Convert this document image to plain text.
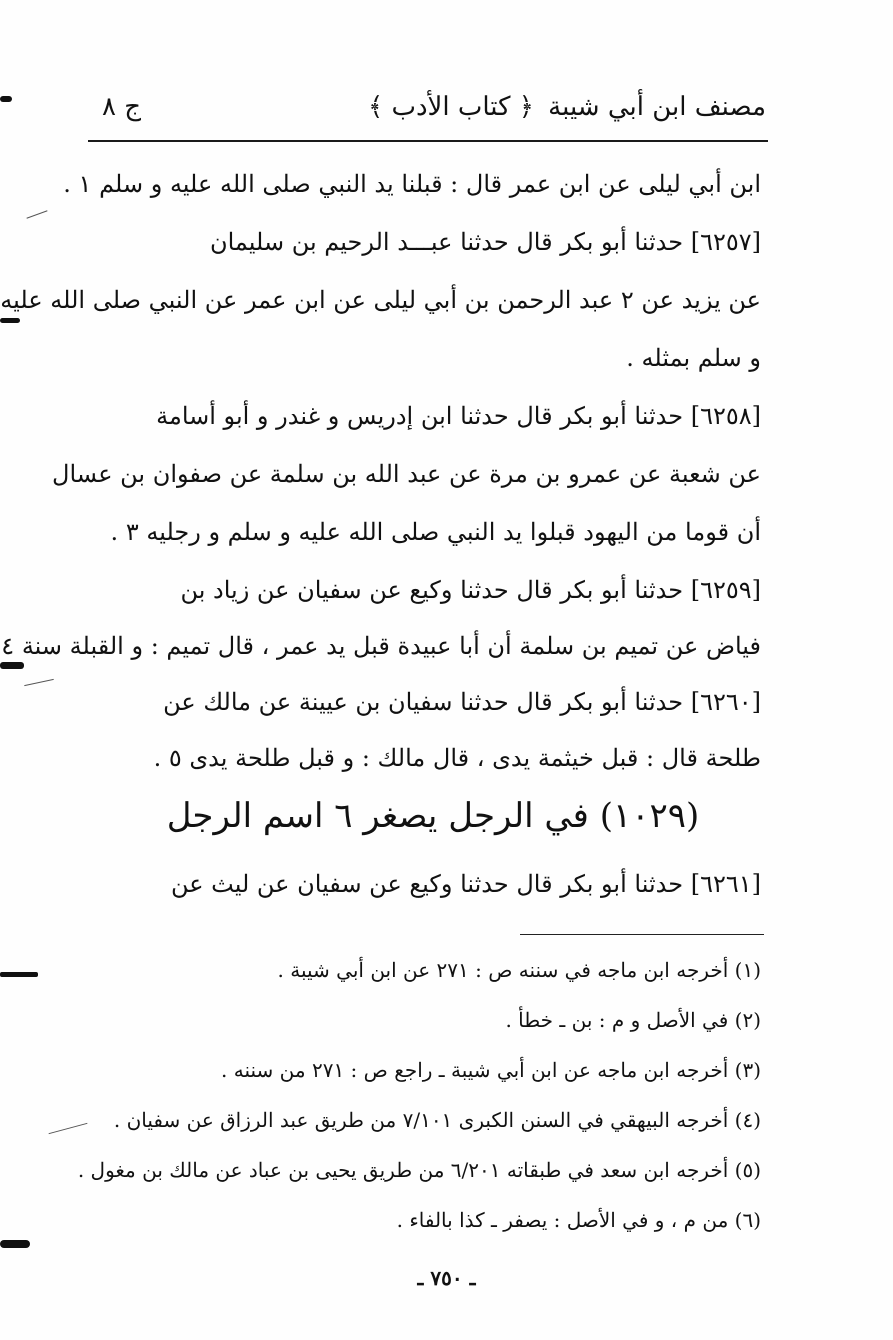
مصنف ابن أبي شيبة
﴿ كتاب الأدب ﴾
ج ٨
ابن أبي ليلى عن ابن عمر قال : قبلنا يد النبي صلى الله عليه و سلم ١ .
[٦٢٥٧] حدثنا أبو بكر قال حدثنا عبـــد الرحيم بن سليمان
عن يزيد عن ٢ عبد الرحمن بن أبي ليلى عن ابن عمر عن النبي صلى الله عليه
و سلم بمثله .
[٦٢٥٨] حدثنا أبو بكر قال حدثنا ابن إدريس و غندر و أبو أسامة
عن شعبة عن عمرو بن مرة عن عبد الله بن سلمة عن صفوان بن عسال
أن قوما من اليهود قبلوا يد النبي صلى الله عليه و سلم و رجليه ٣ .
[٦٢٥٩] حدثنا أبو بكر قال حدثنا وكيع عن سفيان عن زياد بن
فياض عن تميم بن سلمة أن أبا عبيدة قبل يد عمر ، قال تميم : و القبلة سنة ٤
[٦٢٦٠] حدثنا أبو بكر قال حدثنا سفيان بن عيينة عن مالك عن
طلحة قال : قبل خيثمة يدى ، قال مالك : و قبل طلحة يدى ٥ .
(١٠٢٩) في الرجل يصغر ٦ اسم الرجل
[٦٢٦١] حدثنا أبو بكر قال حدثنا وكيع عن سفيان عن ليث عن
(١) أخرجه ابن ماجه في سننه ص : ٢٧١ عن ابن أبي شيبة .
(٢) في الأصل و م : بن ـ خطأ .
(٣) أخرجه ابن ماجه عن ابن أبي شيبة ـ راجع ص : ٢٧١ من سننه .
(٤) أخرجه البيهقي في السنن الكبرى ٧/١٠١ من طريق عبد الرزاق عن سفيان .
(٥) أخرجه ابن سعد في طبقاته ٦/٢٠١ من طريق يحيى بن عباد عن مالك بن مغول .
(٦) من م ، و في الأصل : يصفر ـ كذا بالفاء .
ـ ٧٥٠ ـ
